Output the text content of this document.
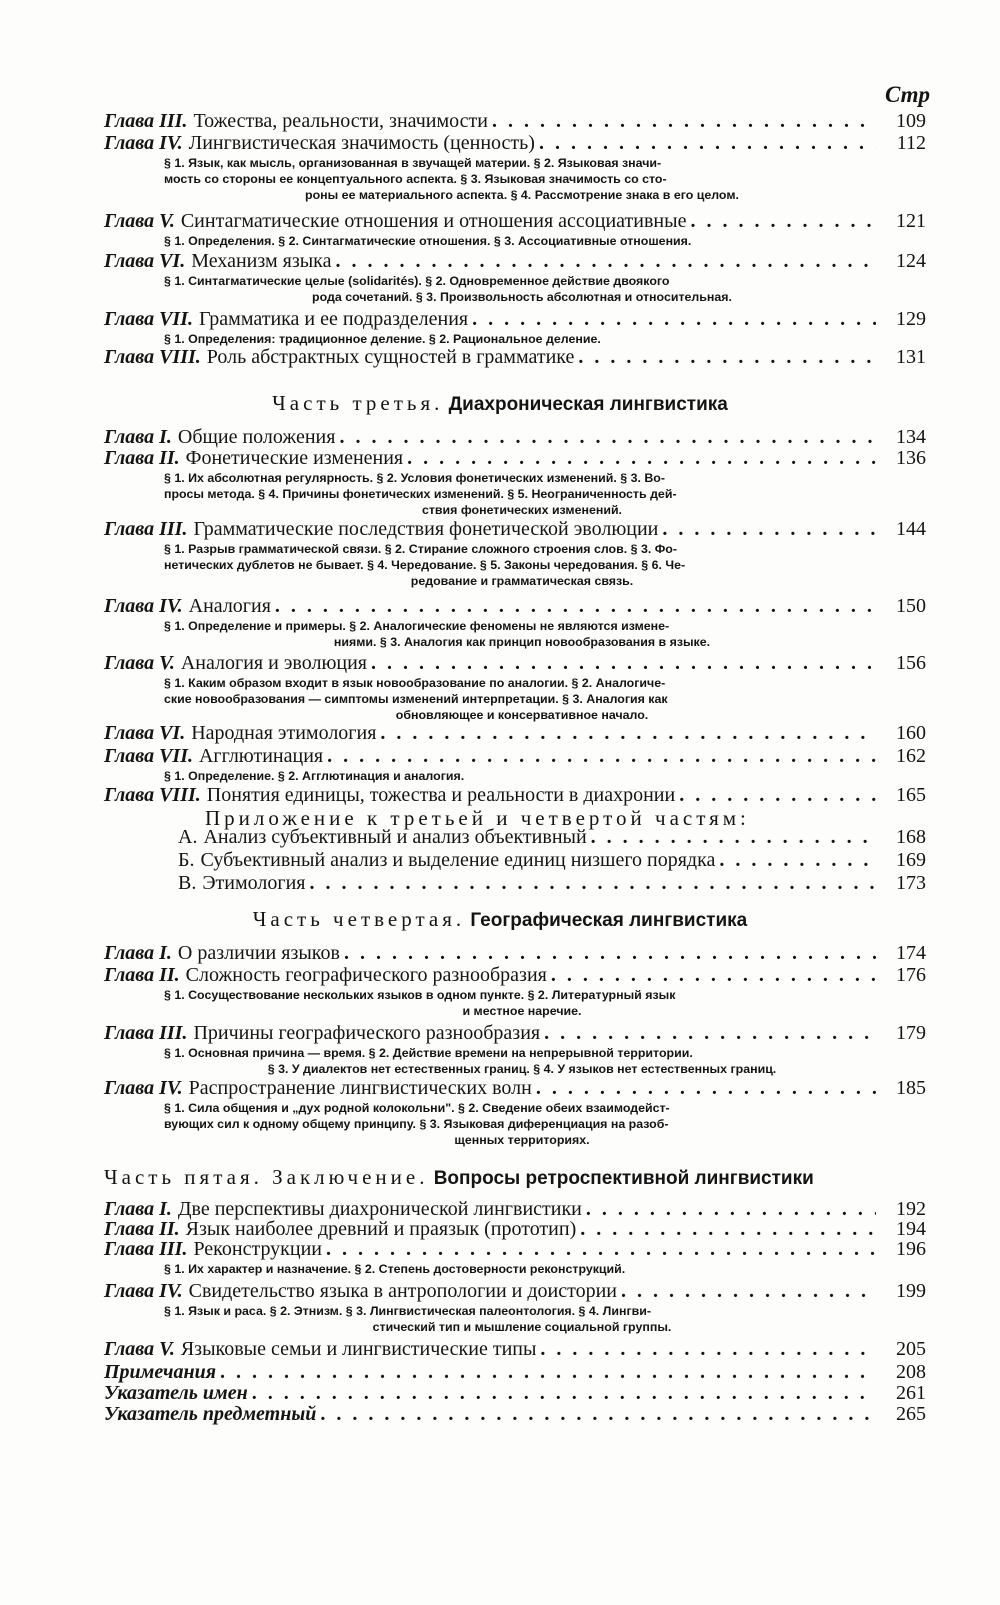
Стр
Глава III. Тожества, реальности, значимости . . .	109
Глава IV. Лингвистическая значимость (ценность) . . .	112
§ 1. Язык, как мысль, организованная в звучащей материи. § 2. Языковая значи-
мость со стороны ее концептуального аспекта. § 3. Языковая значимость со сто-
роны ее материального аспекта. § 4. Рассмотрение знака в его целом.
Глава V. Синтагматические отношения и отношения ассоциативные . . .	121
§ 1. Определения. § 2. Синтагматические отношения. § 3. Ассоциативные отношения.
Глава VI. Механизм языка . . .	124
§ 1. Синтагматические целые (solidarités). § 2. Одновременное действие двоякого
рода сочетаний. § 3. Произвольность абсолютная и относительная.
Глава VII. Грамматика и ее подразделения . . .	129
§ 1. Определения: традиционное деление. § 2. Рациональное деление.
Глава VIII. Роль абстрактных сущностей в грамматике . . .	131
Часть третья. Диахроническая лингвистика
Глава I. Общие положения . . .	134
Глава II. Фонетические изменения . . .	136
§ 1. Их абсолютная регулярность. § 2. Условия фонетических изменений. § 3. Во-
просы метода. § 4. Причины фонетических изменений. § 5. Неограниченность дей-
ствия фонетических изменений.
Глава III. Грамматические последствия фонетической эволюции . . .	144
§ 1. Разрыв грамматической связи. § 2. Стирание сложного строения слов. § 3. Фо-
нетических дублетов не бывает. § 4. Чередование. § 5. Законы чередования. § 6. Че-
редование и грамматическая связь.
Глава IV. Аналогия . . .	150
§ 1. Определение и примеры. § 2. Аналогические феномены не являются измене-
ниями. § 3. Аналогия как принцип новообразования в языке.
Глава V. Аналогия и эволюция . . .	156
§ 1. Каким образом входит в язык новообразование по аналогии. § 2. Аналогиче-
ские новообразования — симптомы изменений интерпретации. § 3. Аналогия как
обновляющее и консервативное начало.
Глава VI. Народная этимология . . .	160
Глава VII. Агглютинация . . .	162
§ 1. Определение. § 2. Агглютинация и аналогия.
Глава VIII. Понятия единицы, тожества и реальности в диахронии . . .	165
Приложение к третьей и четвертой частям:
А. Анализ субъективный и анализ объективный . . .	168
Б. Субъективный анализ и выделение единиц низшего порядка . . .	169
В. Этимология . . .	173
Часть четвертая. Географическая лингвистика
Глава I. О различии языков . . .	174
Глава II. Сложность географического разнообразия . . .	176
§ 1. Сосуществование нескольких языков в одном пункте. § 2. Литературный язык
и местное наречие.
Глава III. Причины географического разнообразия . . .	179
§ 1. Основная причина — время. § 2. Действие времени на непрерывной территории.
§ 3. У диалектов нет естественных границ. § 4. У языков нет естественных границ.
Глава IV. Распространение лингвистических волн . . .	185
§ 1. Сила общения и „дух родной колокольни". § 2. Сведение обеих взаимодейст-
вующих сил к одному общему принципу. § 3. Языковая диференциация на разоб-
щенных территориях.
Часть пятая. Заключение. Вопросы ретроспективной лингвистики
Глава I. Две перспективы диахронической лингвистики . . .	192
Глава II. Язык наиболее древний и праязык (прототип) . . .	194
Глава III. Реконструкции . . .	196
§ 1. Их характер и назначение. § 2. Степень достоверности реконструкций.
Глава IV. Свидетельство языка в антропологии и доистории . . .	199
§ 1. Язык и раса. § 2. Этнизм. § 3. Лингвистическая палеонтология. § 4. Лингви-
стический тип и мышление социальной группы.
Глава V. Языковые семьи и лингвистические типы . . .	205
Примечания . . .	208
Указатель имен . . .	261
Указатель предметный . . .	265
